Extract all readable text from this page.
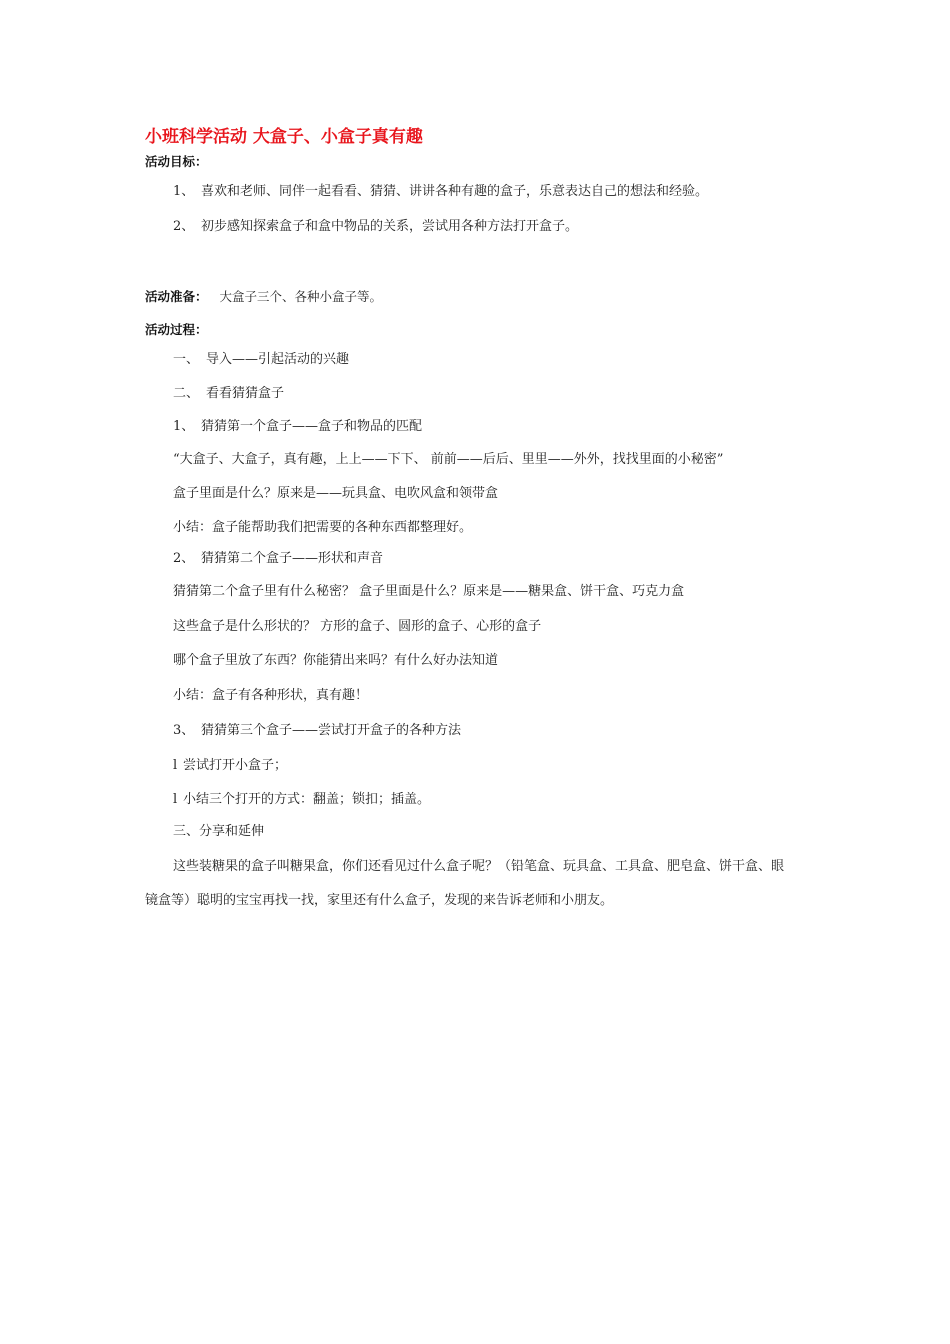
小班科学活动 大盒子、小盒子真有趣
活动目标：
1、 喜欢和老师、同伴一起看看、猜猜、讲讲各种有趣的盒子，乐意表达自己的想法和经验。
2、 初步感知探索盒子和盒中物品的关系，尝试用各种方法打开盒子。
活动准备： 大盒子三个、各种小盒子等。
活动过程：
一、 导入——引起活动的兴趣
二、 看看猜猜盒子
1、 猜猜第一个盒子——盒子和物品的匹配
“大盒子、大盒子，真有趣，上上——下下、 前前——后后、里里——外外，找找里面的小秘密”
盒子里面是什么？原来是——玩具盒、电吹风盒和领带盒
小结：盒子能帮助我们把需要的各种东西都整理好。
2、 猜猜第二个盒子——形状和声音
猜猜第二个盒子里有什么秘密？ 盒子里面是什么？原来是——糖果盒、饼干盒、巧克力盒
这些盒子是什么形状的？ 方形的盒子、圆形的盒子、心形的盒子
哪个盒子里放了东西？你能猜出来吗？有什么好办法知道
小结：盒子有各种形状，真有趣！
3、 猜猜第三个盒子——尝试打开盒子的各种方法
l 尝试打开小盒子；
l 小结三个打开的方式：翻盖；锁扣；插盖。
三、分享和延伸
这些装糖果的盒子叫糖果盒，你们还看见过什么盒子呢？（铅笔盒、玩具盒、工具盒、肥皂盒、饼干盒、眼
镜盒等）聪明的宝宝再找一找，家里还有什么盒子，发现的来告诉老师和小朋友。
